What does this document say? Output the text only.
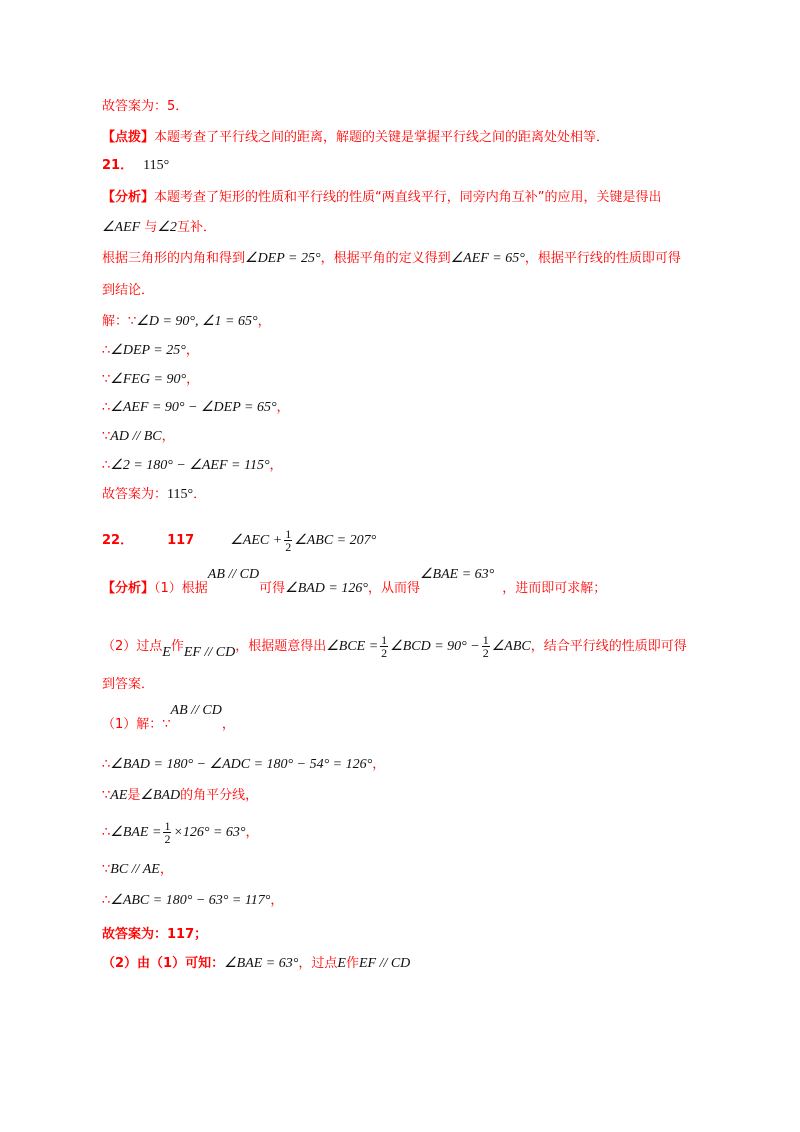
故答案为：5．
【点拨】本题考查了平行线之间的距离，解题的关键是掌握平行线之间的距离处处相等．
21． 115°
【分析】本题考查了矩形的性质和平行线的性质“两直线平行，同旁内角互补”的应用，关键是得出
∠AEF 与∠2互补．
根据三角形的内角和得到∠DEP = 25°，根据平角的定义得到∠AEF = 65°，根据平行线的性质即可得
到结论．
解：∵∠D = 90°, ∠1 = 65°，
∴∠DEP = 25°，
∵∠FEG = 90°，
∴∠AEF = 90° − ∠DEP = 65°，
∵AD // BC，
∴∠2 = 180° − ∠AEF = 115°，
故答案为：115°．
22．	117	∠AEC + $\frac{1}{2}$ ∠ABC = 207°
【分析】（1）根据AB // CD可得∠BAD = 126°，从而得∠BAE = 63°，进而即可求解；
（2）过点E作EF // CD，根据题意得出∠BCE = $\frac{1}{2}$ ∠BCD = $90^\circ - \frac{1}{2}$ ∠ABC，结合平行线的性质即可得
到答案．
（1）解：∵AB // CD，
∴∠BAD = 180° − ∠ADC = 180° − 54° = 126°，
∵AE是∠BAD的角平分线，
∴∠BAE = $\frac{1}{2} \times 126^\circ = 63^\circ$，
∵BC // AE，
∴∠ABC = 180° − 63° = 117°，
故答案为：117；
（2）由（1）可知：∠BAE = 63°，过点E作EF // CD
